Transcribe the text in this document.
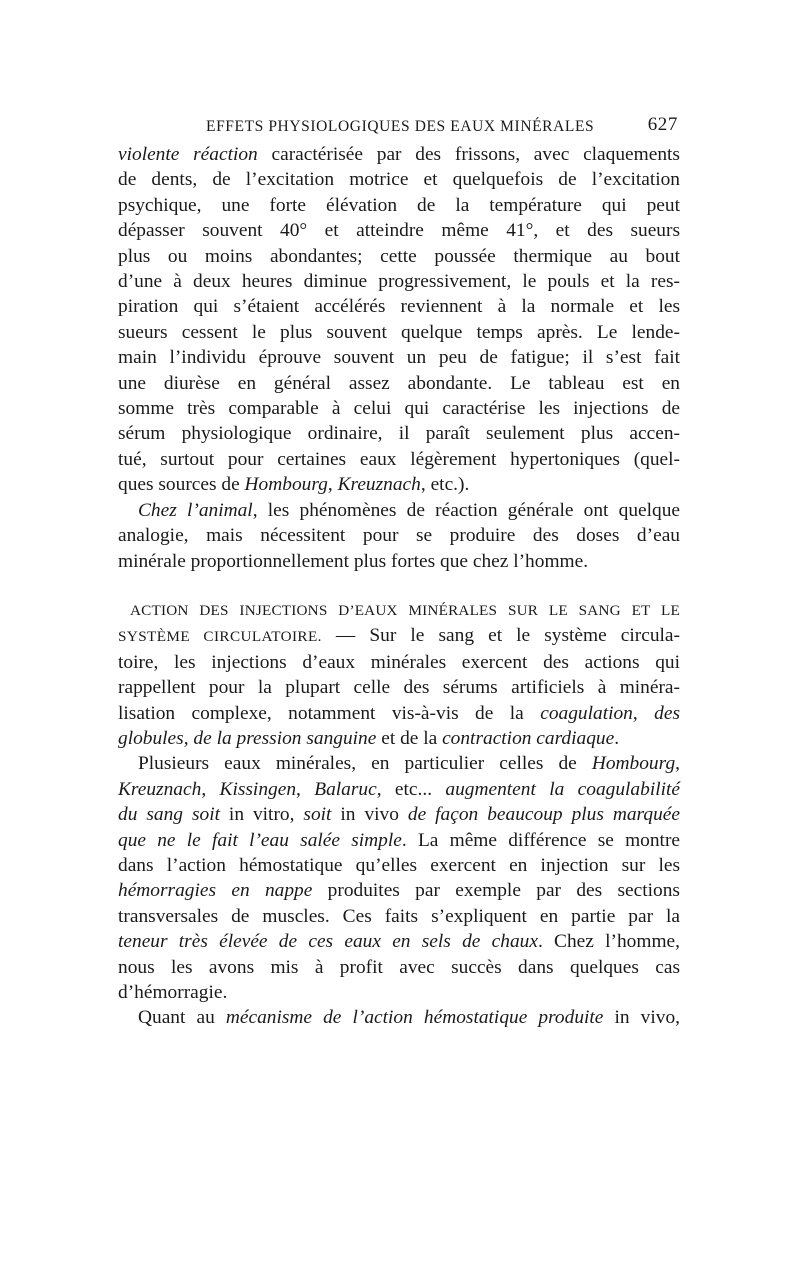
EFFETS PHYSIOLOGIQUES DES EAUX MINÉRALES	627
violente réaction caractérisée par des frissons, avec claquements
de dents, de l’excitation motrice et quelquefois de l’excitation
psychique, une forte élévation de la température qui peut
dépasser souvent 40° et atteindre même 41°, et des sueurs
plus ou moins abondantes; cette poussée thermique au bout
d’une à deux heures diminue progressivement, le pouls et la res-
piration qui s’étaient accélérés reviennent à la normale et les
sueurs cessent le plus souvent quelque temps après. Le lende-
main l’individu éprouve souvent un peu de fatigue; il s’est fait
une diurèse en général assez abondante. Le tableau est en
somme très comparable à celui qui caractérise les injections de
sérum physiologique ordinaire, il paraît seulement plus accen-
tué, surtout pour certaines eaux légèrement hypertoniques (quel-
ques sources de Hombourg, Kreuznach, etc.).
Chez l’animal, les phénomènes de réaction générale ont quelque
analogie, mais nécessitent pour se produire des doses d’eau
minérale proportionnellement plus fortes que chez l’homme.
ACTION DES INJECTIONS D’EAUX MINÉRALES SUR LE SANG ET LE
SYSTÈME CIRCULATOIRE. — Sur le sang et le système circula-
toire, les injections d’eaux minérales exercent des actions qui
rappellent pour la plupart celle des sérums artificiels à minéra-
lisation complexe, notamment vis-à-vis de la coagulation, des
globules, de la pression sanguine et de la contraction cardiaque.
Plusieurs eaux minérales, en particulier celles de Hombourg,
Kreuznach, Kissingen, Balaruc, etc... augmentent la coagulabilité
du sang soit in vitro, soit in vivo de façon beaucoup plus marquée
que ne le fait l’eau salée simple. La même différence se montre
dans l’action hémostatique qu’elles exercent en injection sur les
hémorragies en nappe produites par exemple par des sections
transversales de muscles. Ces faits s’expliquent en partie par la
teneur très élevée de ces eaux en sels de chaux. Chez l’homme,
nous les avons mis à profit avec succès dans quelques cas
d’hémorragie.
Quant au mécanisme de l’action hémostatique produite in vivo,
